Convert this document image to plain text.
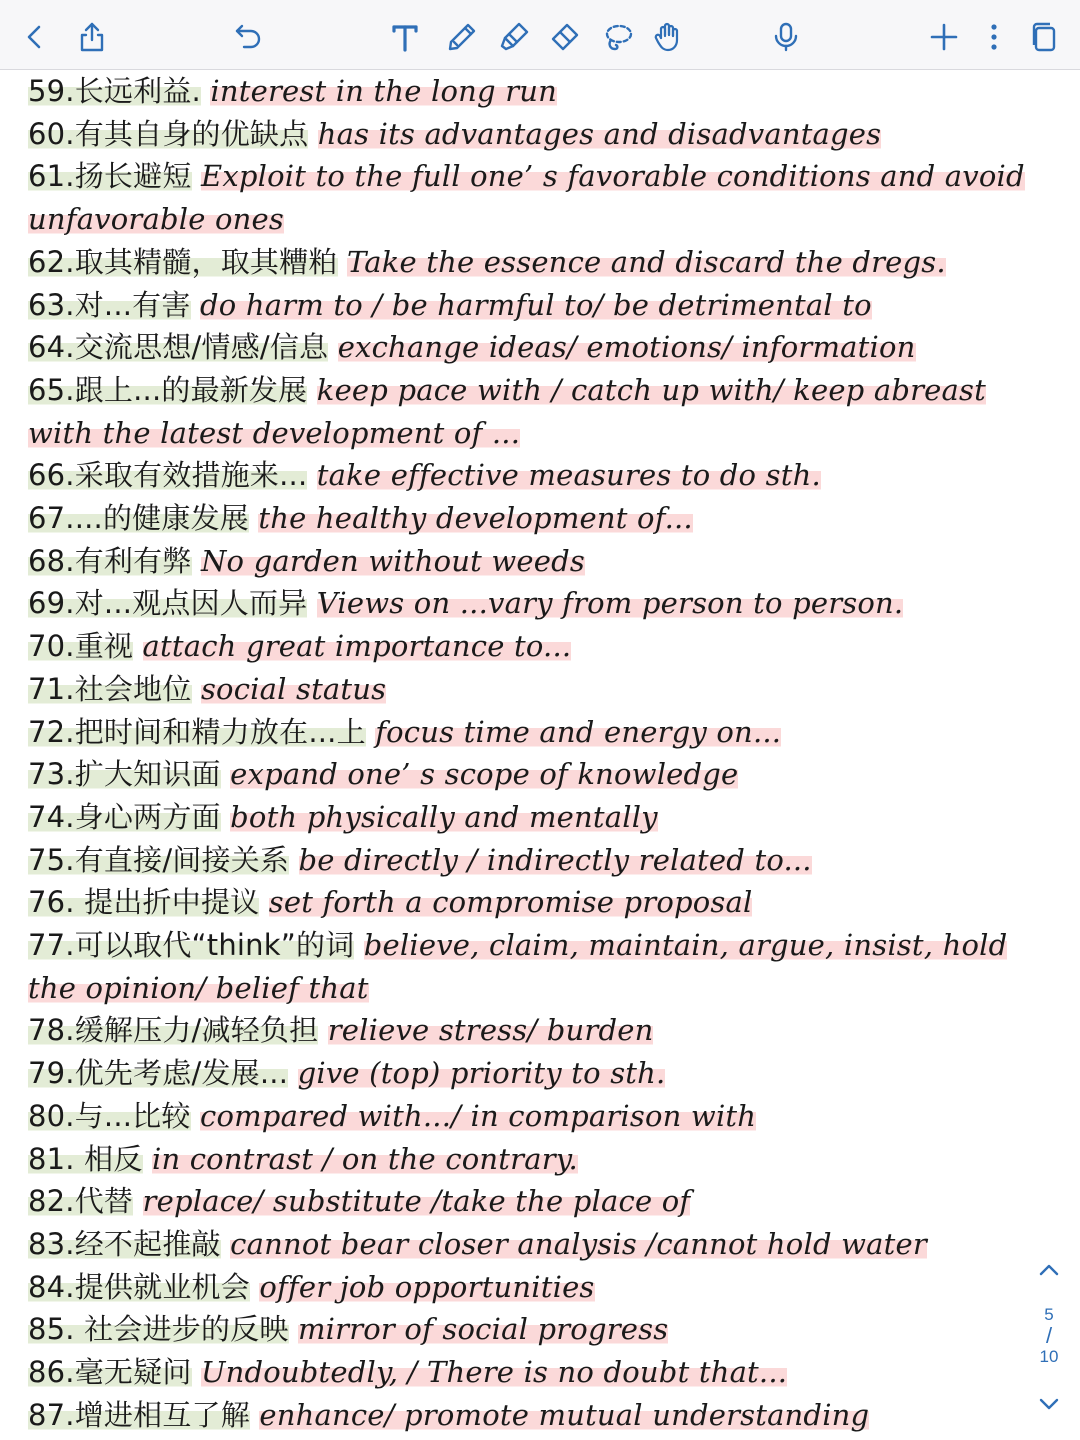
59.长远利益. interest in the long run

60.有其自身的优缺点 has its advantages and disadvantages

61.扬长避短 Exploit to the full one’ s favorable conditions and avoid unfavorable ones

62.取其精髓，取其糟粕 Take the essence and discard the dregs.

63.对...有害 do harm to / be harmful to/ be detrimental to

64.交流思想/情感/信息 exchange ideas/ emotions/ information

65.跟上...的最新发展 keep pace with / catch up with/ keep abreast with the latest development of ...

66.采取有效措施来... take effective measures to do sth.

67....的健康发展 the healthy development of...

68.有利有弊 No garden without weeds

69.对...观点因人而异 Views on ...vary from person to person.

70.重视 attach great importance to...

71.社会地位 social status

72.把时间和精力放在...上 focus time and energy on...

73.扩大知识面 expand one’ s scope of knowledge

74.身心两方面 both physically and mentally

75.有直接/间接关系 be directly / indirectly related to...

76. 提出折中提议 set forth a compromise proposal

77.可以取代“think”的词 believe, claim, maintain, argue, insist, hold the opinion/ belief that

78.缓解压力/减轻负担 relieve stress/ burden

79.优先考虑/发展... give (top) priority to sth.

80.与...比较 compared with.../ in comparison with

81. 相反 in contrast / on the contrary.

82.代替 replace/ substitute /take the place of

83.经不起推敲 cannot bear closer analysis /cannot hold water

84.提供就业机会 offer job opportunities

85. 社会进步的反映 mirror of social progress

86.毫无疑问 Undoubtedly, / There is no doubt that...

87.增进相互了解 enhance/ promote mutual understanding

5
/
10
